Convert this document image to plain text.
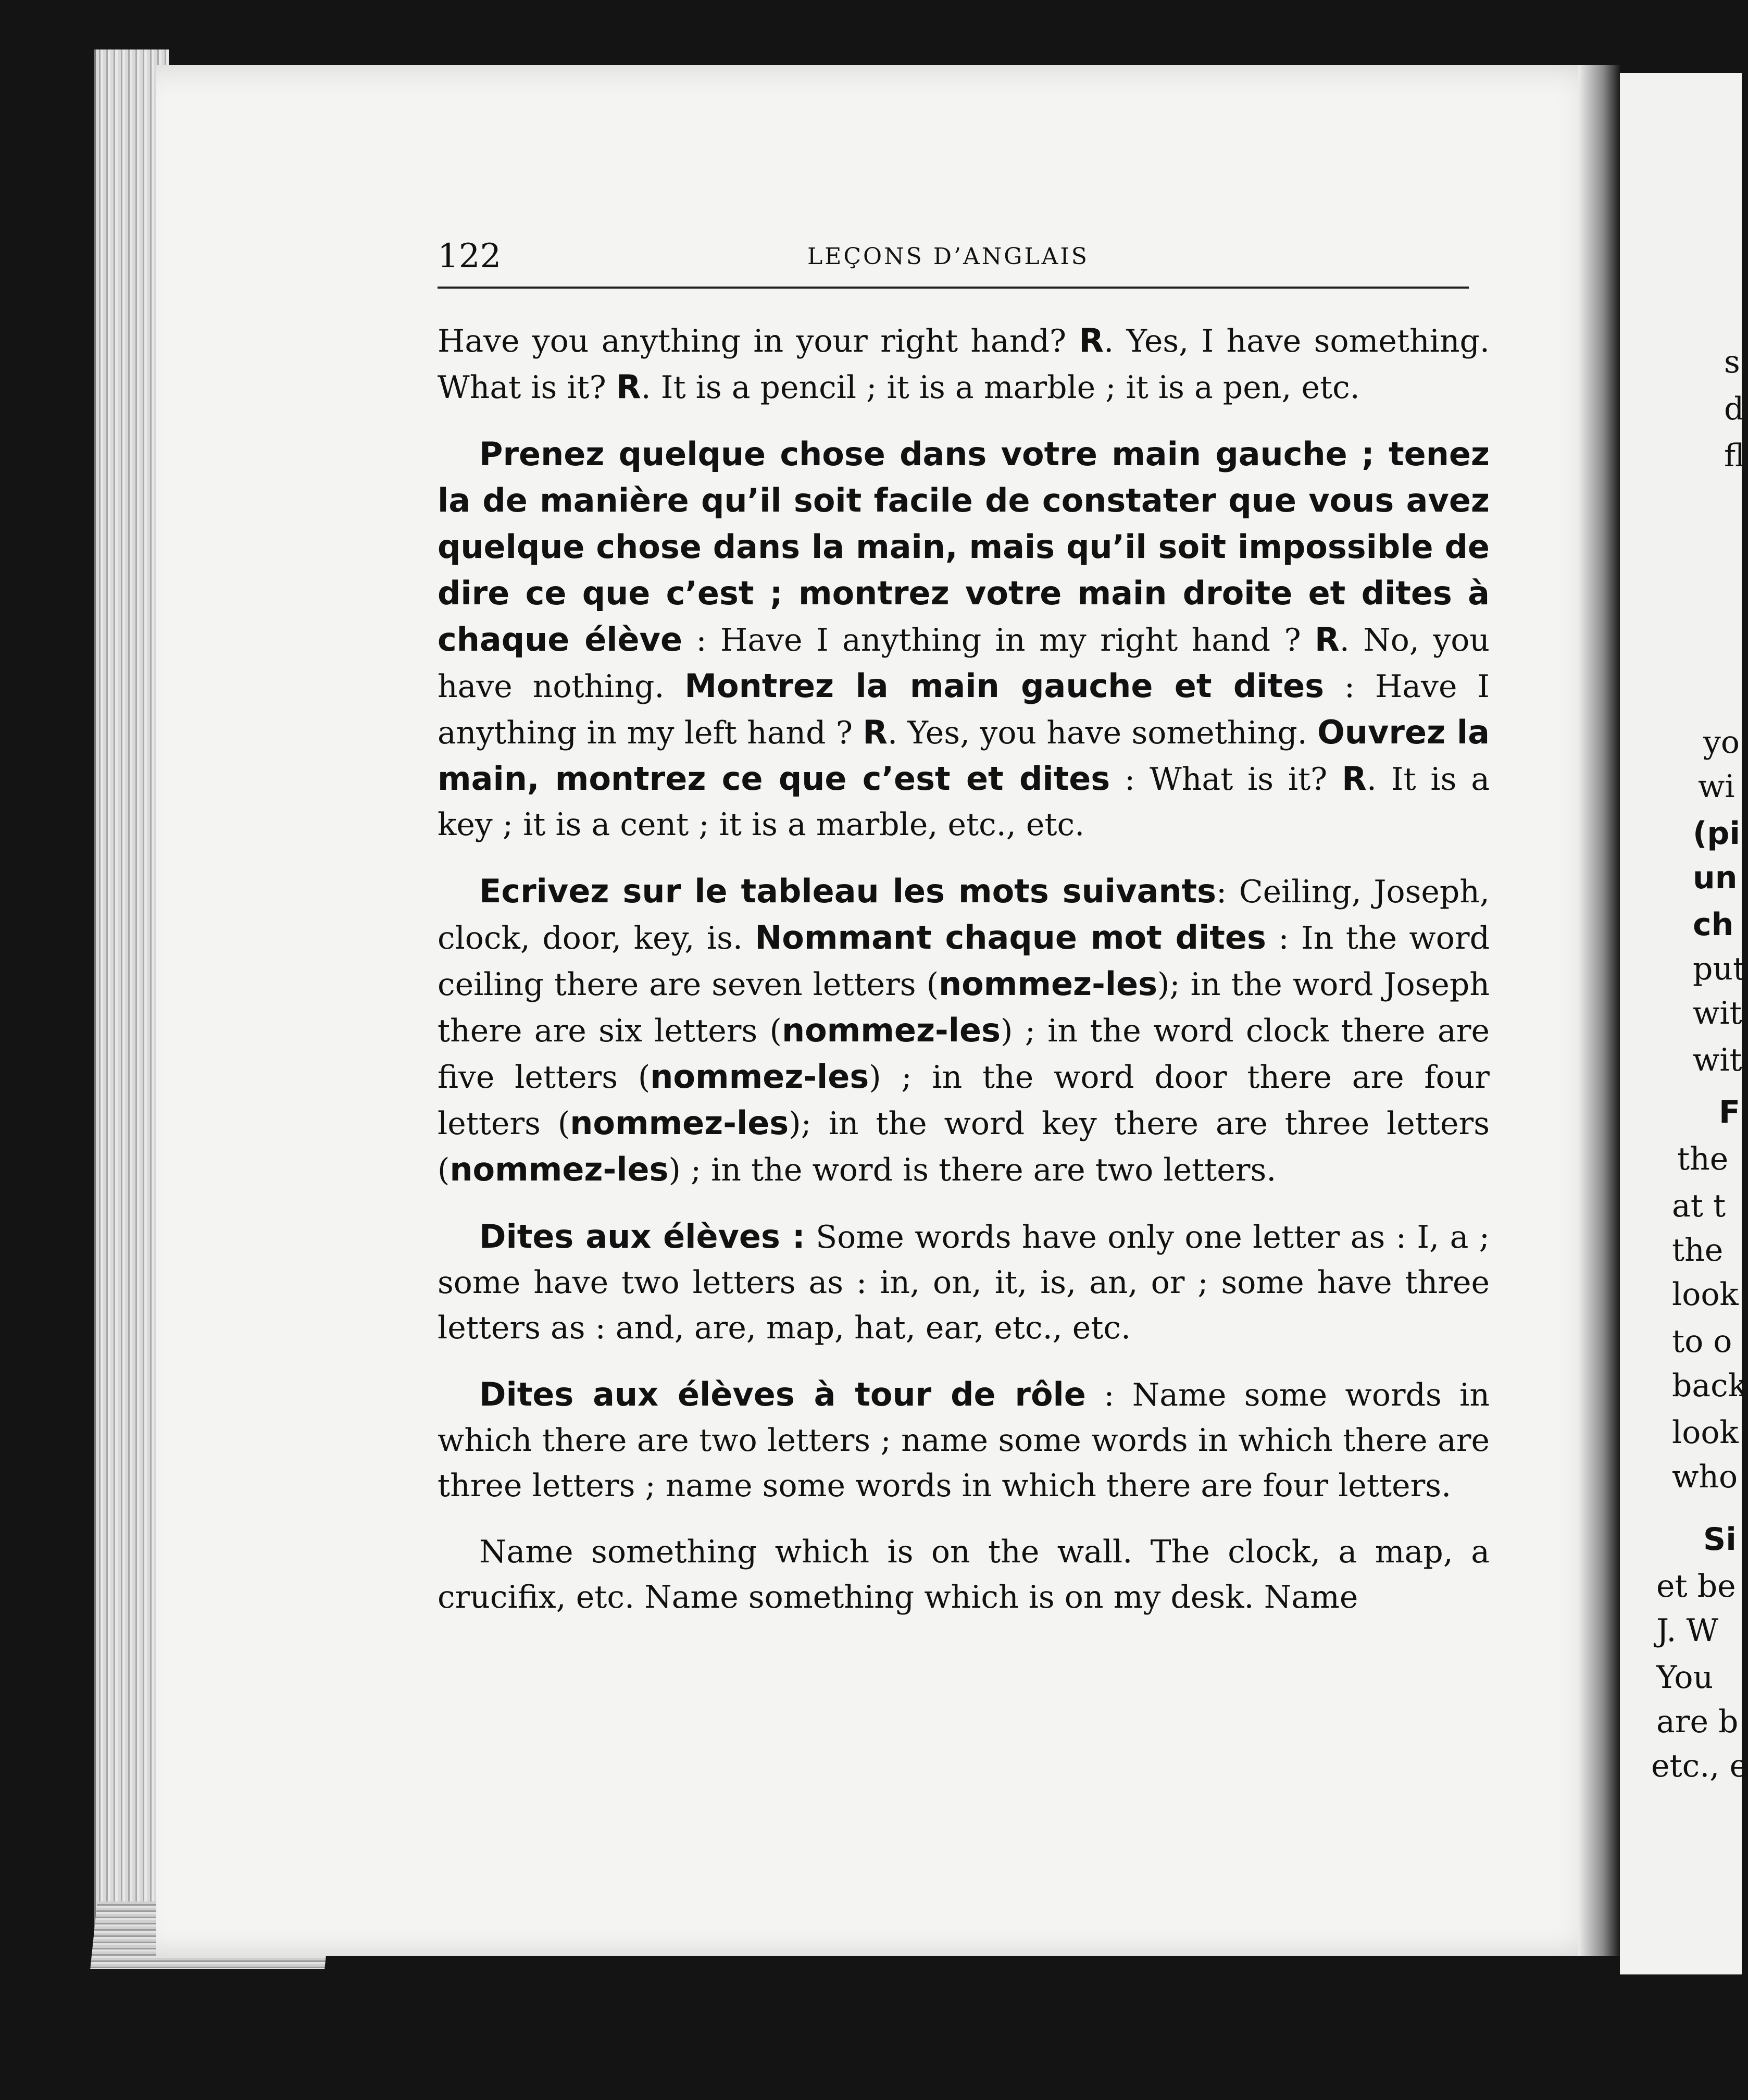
s
d
fl
yo
wi
(pi
un
ch
put
wit
wit
F
the
at t
the
look
to o
back
look
who
Si
et be
J. W
You
are b
etc., e
122	LEÇONS D’ANGLAIS

Have you anything in your right hand? R. Yes, I have something. What is it? R. It is a pencil ; it is a marble ; it is a pen, etc.

Prenez quelque chose dans votre main gauche ; tenez la de manière qu’il soit facile de constater que vous avez quelque chose dans la main, mais qu’il soit impossible de dire ce que c’est ; montrez votre main droite et dites à chaque élève : Have I anything in my right hand ? R. No, you have nothing. Montrez la main gauche et dites : Have I anything in my left hand ? R. Yes, you have something. Ouvrez la main, montrez ce que c’est et dites : What is it? R. It is a key ; it is a cent ; it is a marble, etc., etc.

Ecrivez sur le tableau les mots suivants: Ceiling, Joseph, clock, door, key, is. Nommant chaque mot dites : In the word ceiling there are seven letters (nommez-les); in the word Joseph there are six letters (nommez-les) ; in the word clock there are five letters (nommez-les) ; in the word door there are four letters (nommez-les); in the word key there are three letters (nommez-les) ; in the word is there are two letters.

Dites aux élèves : Some words have only one letter as : I, a ; some have two letters as : in, on, it, is, an, or ; some have three letters as : and, are, map, hat, ear, etc., etc.

Dites aux élèves à tour de rôle : Name some words in which there are two letters ; name some words in which there are three letters ; name some words in which there are four letters.

Name something which is on the wall. The clock, a map, a crucifix, etc. Name something which is on my desk. Name
